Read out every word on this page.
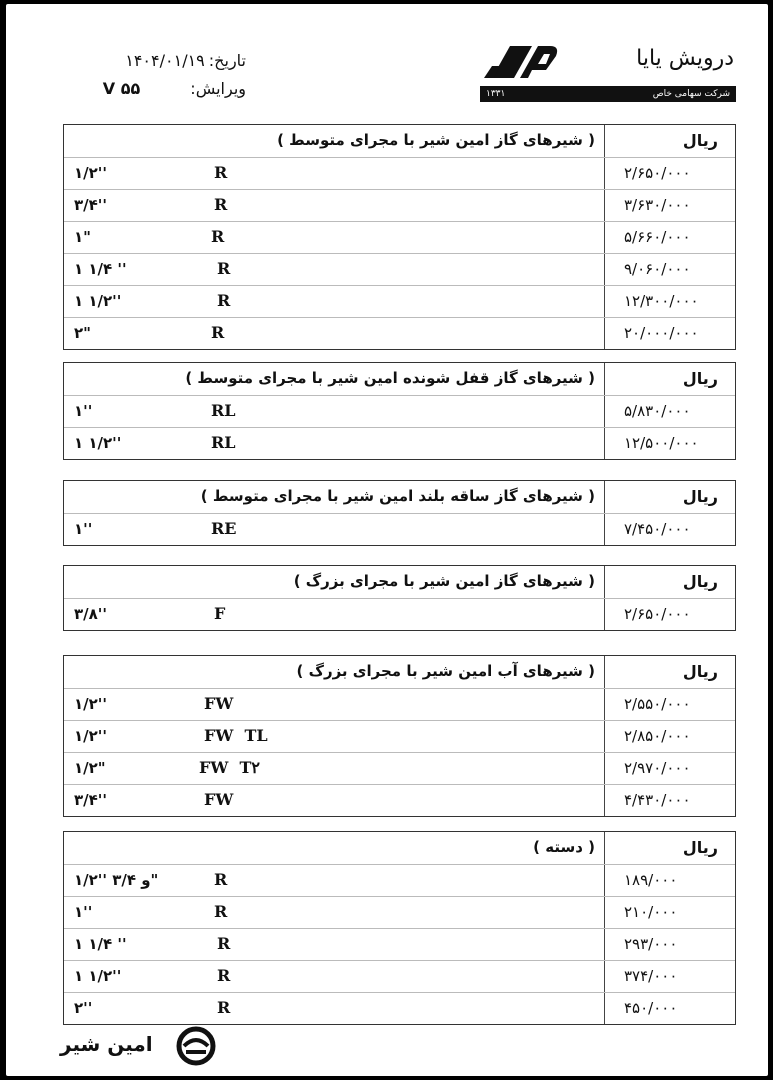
تاریخ:
۱۴۰۴/۰۱/۱۹
ویرایش:
۵۵ V
درویش یایا
۱۳۳۱	شرکت سهامی خاص
( شیرهای گاز امین شیر با مجرای متوسط )	ریال
۱/۲''	R	۲/۶۵۰/۰۰۰
۳/۴''	R	۳/۶۳۰/۰۰۰
۱"	R	۵/۶۶۰/۰۰۰
۱ ۱/۴ ''	R	۹/۰۶۰/۰۰۰
۱ ۱/۲''	R	۱۲/۳۰۰/۰۰۰
۲"	R	۲۰/۰۰۰/۰۰۰
( شیرهای گاز قفل شونده امین شیر با مجرای متوسط )	ریال
۱''	RL	۵/۸۳۰/۰۰۰
۱ ۱/۲''	RL	۱۲/۵۰۰/۰۰۰
( شیرهای گاز ساقه بلند امین شیر با مجرای متوسط )	ریال
۱''	RE	۷/۴۵۰/۰۰۰
( شیرهای گاز امین شیر با مجرای بزرگ )	ریال
۳/۸''	F	۲/۶۵۰/۰۰۰
( شیرهای آب امین شیر با مجرای بزرگ )	ریال
۱/۲''	FW	۲/۵۵۰/۰۰۰
۱/۲''	FW  TL	۲/۸۵۰/۰۰۰
۱/۲"	FW  T۲	۲/۹۷۰/۰۰۰
۳/۴''	FW	۴/۴۳۰/۰۰۰
( دسته )	ریال
۱/۲'' و ۳/۴"	R	۱۸۹/۰۰۰
۱''	R	۲۱۰/۰۰۰
۱ ۱/۴ ''	R	۲۹۳/۰۰۰
۱ ۱/۲''	R	۳۷۴/۰۰۰
۲''	R	۴۵۰/۰۰۰
امین شیر
